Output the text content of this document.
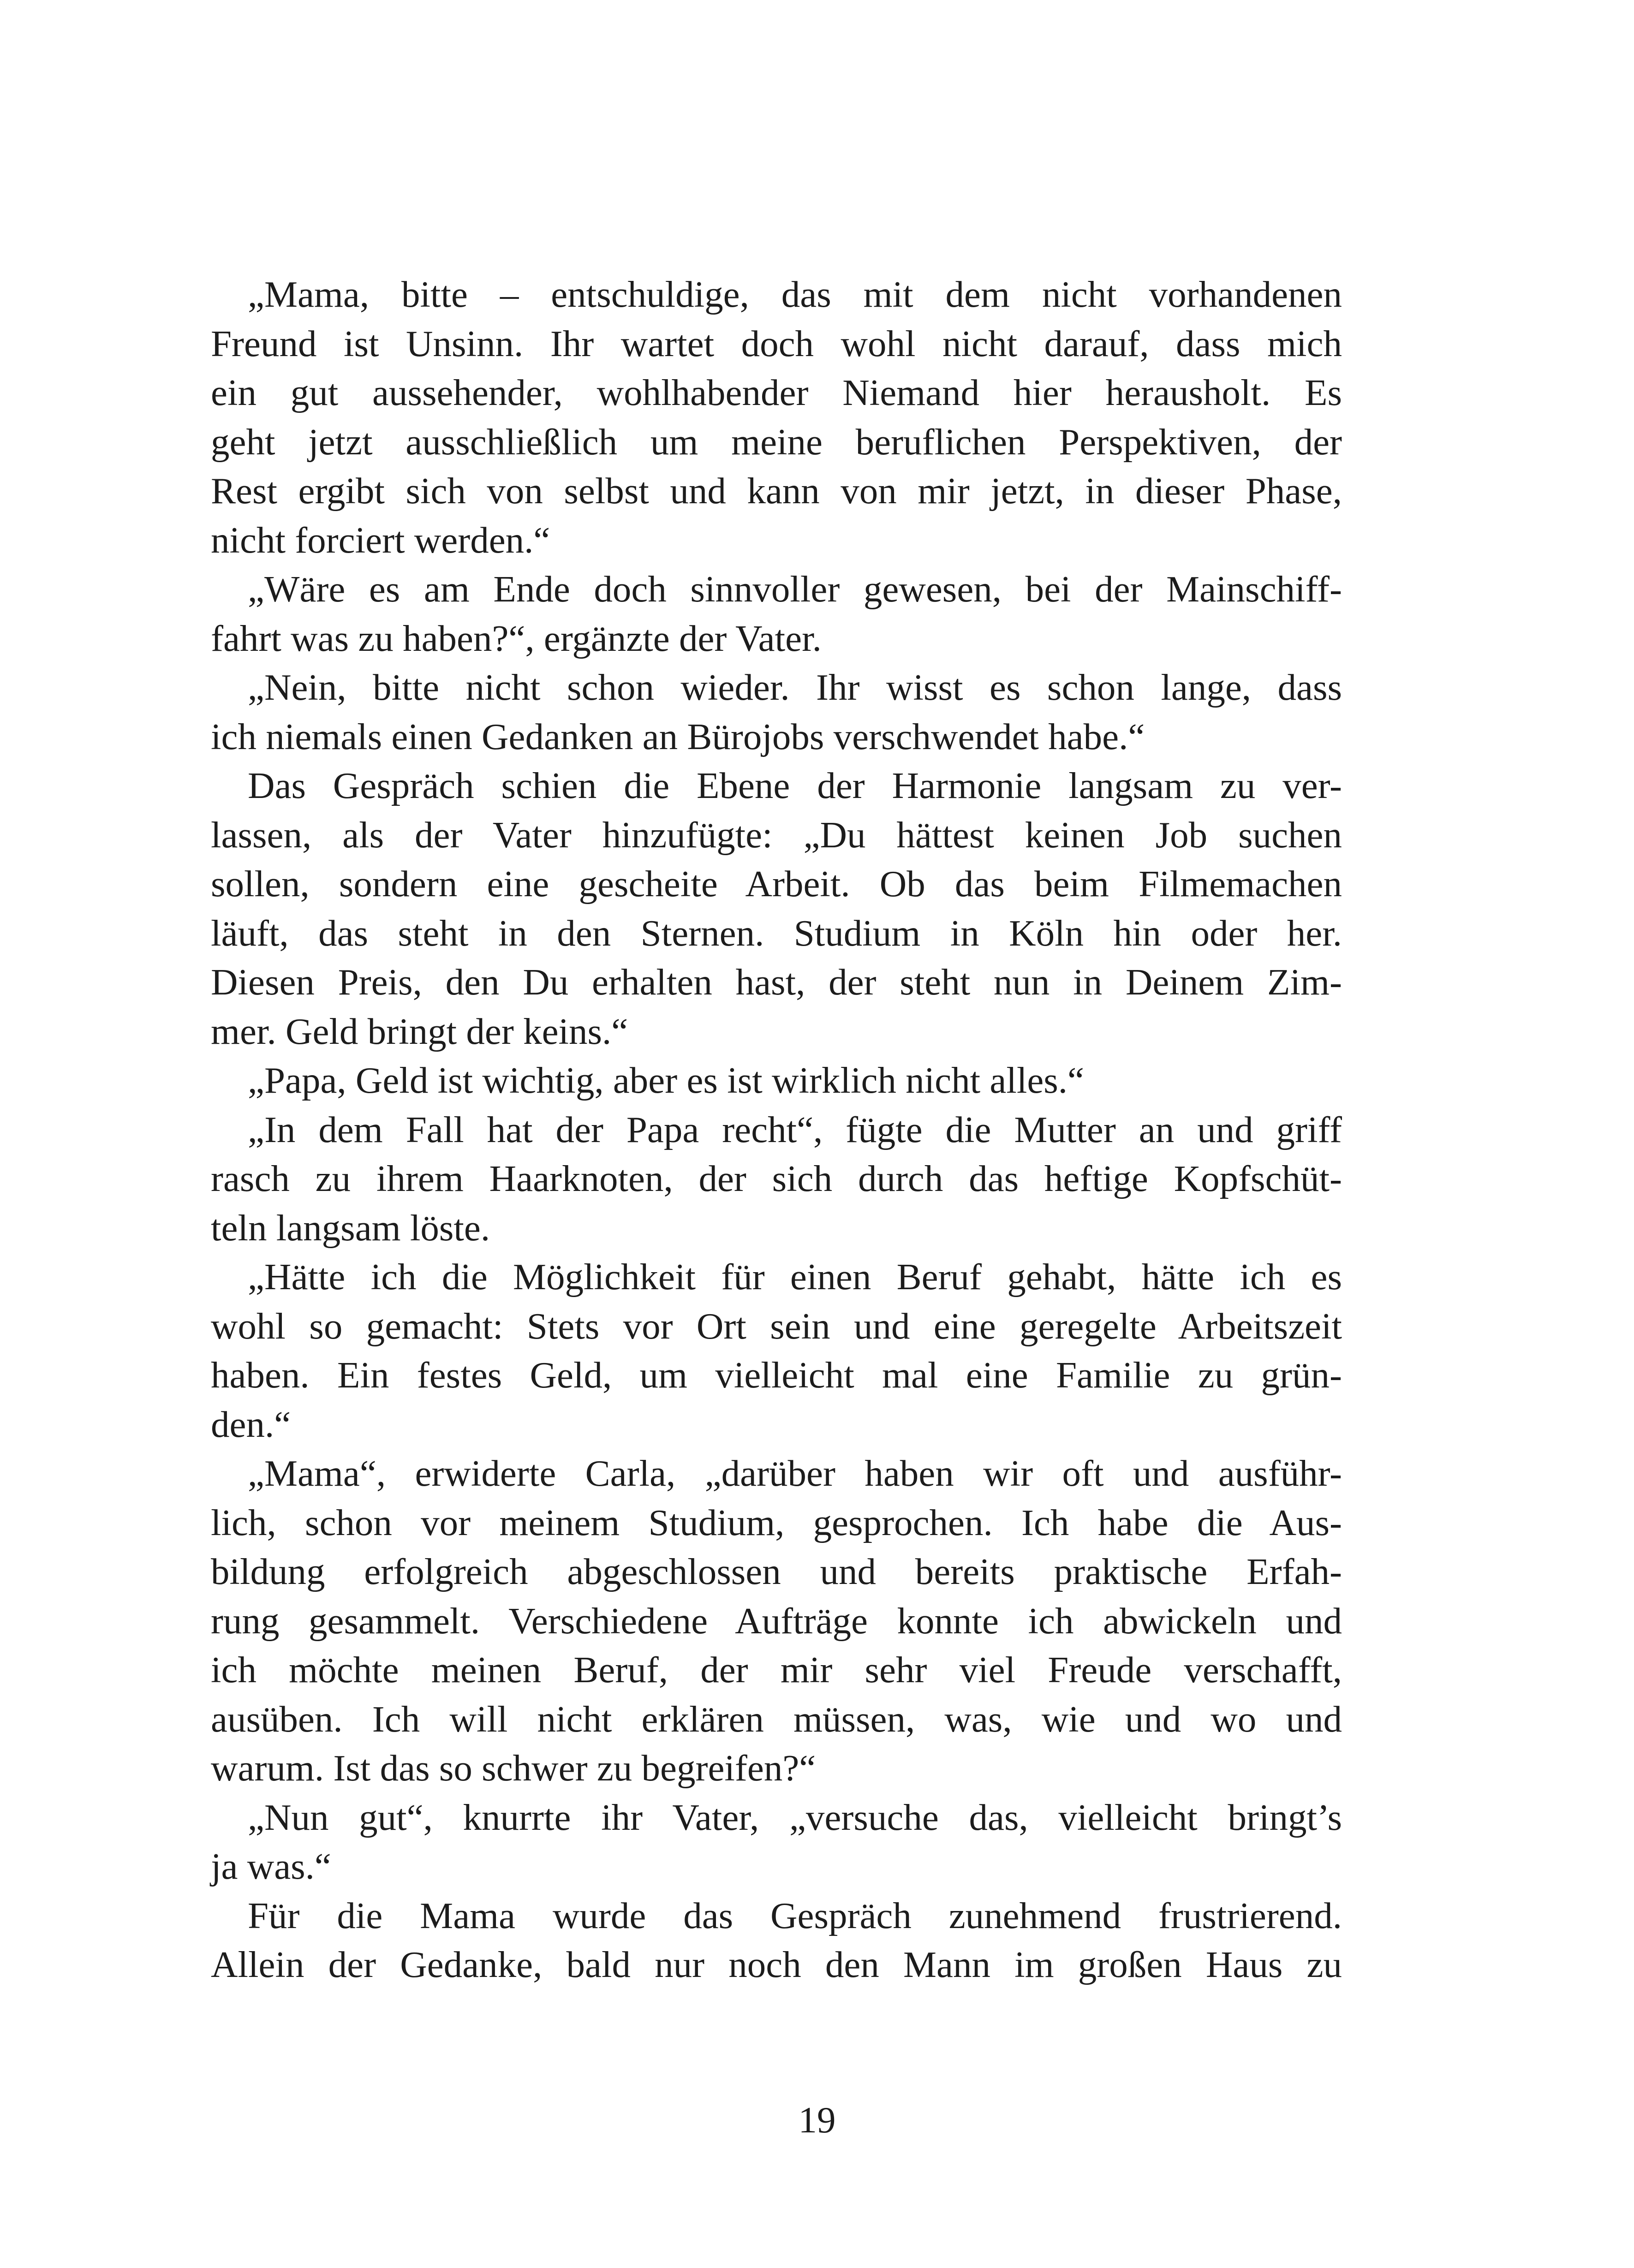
„Mama, bitte – entschuldige, das mit dem nicht vorhandenen
Freund ist Unsinn. Ihr wartet doch wohl nicht darauf, dass mich
ein gut aussehender, wohlhabender Niemand hier herausholt. Es
geht jetzt ausschließlich um meine beruflichen Perspektiven, der
Rest ergibt sich von selbst und kann von mir jetzt, in dieser Phase,
nicht forciert werden.“
„Wäre es am Ende doch sinnvoller gewesen, bei der Mainschiff-
fahrt was zu haben?“, ergänzte der Vater.
„Nein, bitte nicht schon wieder. Ihr wisst es schon lange, dass
ich niemals einen Gedanken an Bürojobs verschwendet habe.“
Das Gespräch schien die Ebene der Harmonie langsam zu ver-
lassen, als der Vater hinzufügte: „Du hättest keinen Job suchen
sollen, sondern eine gescheite Arbeit. Ob das beim Filmemachen
läuft, das steht in den Sternen. Studium in Köln hin oder her.
Diesen Preis, den Du erhalten hast, der steht nun in Deinem Zim-
mer. Geld bringt der keins.“
„Papa, Geld ist wichtig, aber es ist wirklich nicht alles.“
„In dem Fall hat der Papa recht“, fügte die Mutter an und griff
rasch zu ihrem Haarknoten, der sich durch das heftige Kopfschüt-
teln langsam löste.
„Hätte ich die Möglichkeit für einen Beruf gehabt, hätte ich es
wohl so gemacht: Stets vor Ort sein und eine geregelte Arbeitszeit
haben. Ein festes Geld, um vielleicht mal eine Familie zu grün-
den.“
„Mama“, erwiderte Carla, „darüber haben wir oft und ausführ-
lich, schon vor meinem Studium, gesprochen. Ich habe die Aus-
bildung erfolgreich abgeschlossen und bereits praktische Erfah-
rung gesammelt. Verschiedene Aufträge konnte ich abwickeln und
ich möchte meinen Beruf, der mir sehr viel Freude verschafft,
ausüben. Ich will nicht erklären müssen, was, wie und wo und
warum. Ist das so schwer zu begreifen?“
„Nun gut“, knurrte ihr Vater, „versuche das, vielleicht bringt’s
ja was.“
Für die Mama wurde das Gespräch zunehmend frustrierend.
Allein der Gedanke, bald nur noch den Mann im großen Haus zu
19
